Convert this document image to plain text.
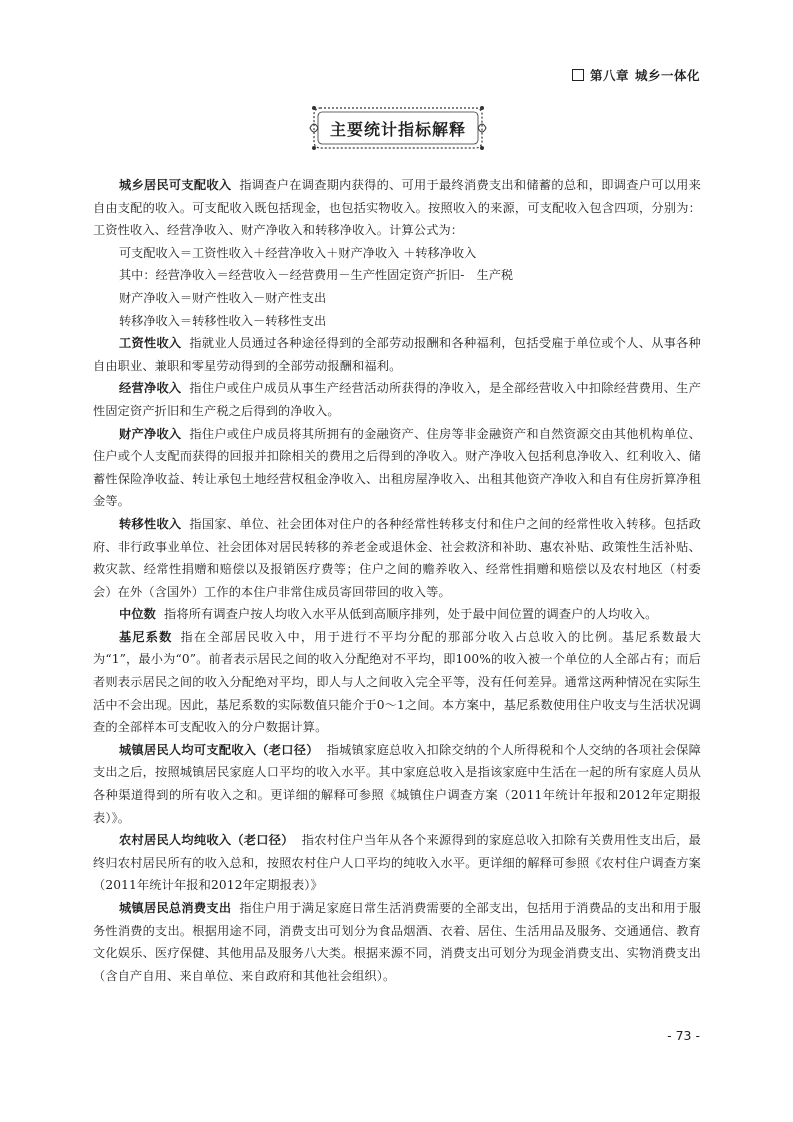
第八章 城乡一体化
主要统计指标解释

城乡居民可支配收入 指调查户在调查期内获得的、可用于最终消费支出和储蓄的总和，即调查户可以用来自由支配的收入。可支配收入既包括现金，也包括实物收入。按照收入的来源，可支配收入包含四项，分别为：工资性收入、经营净收入、财产净收入和转移净收入。计算公式为：

可支配收入＝工资性收入＋经营净收入＋财产净收入 ＋转移净收入

其中：经营净收入＝经营收入－经营费用－生产性固定资产折旧-　生产税

财产净收入＝财产性收入－财产性支出

转移净收入＝转移性收入－转移性支出

工资性收入 指就业人员通过各种途径得到的全部劳动报酬和各种福利，包括受雇于单位或个人、从事各种自由职业、兼职和零星劳动得到的全部劳动报酬和福利。

经营净收入 指住户或住户成员从事生产经营活动所获得的净收入，是全部经营收入中扣除经营费用、生产性固定资产折旧和生产税之后得到的净收入。

财产净收入 指住户或住户成员将其所拥有的金融资产、住房等非金融资产和自然资源交由其他机构单位、住户或个人支配而获得的回报并扣除相关的费用之后得到的净收入。财产净收入包括利息净收入、红利收入、储蓄性保险净收益、转让承包土地经营权租金净收入、出租房屋净收入、出租其他资产净收入和自有住房折算净租金等。

转移性收入 指国家、单位、社会团体对住户的各种经常性转移支付和住户之间的经常性收入转移。包括政府、非行政事业单位、社会团体对居民转移的养老金或退休金、社会救济和补助、惠农补贴、政策性生活补贴、救灾款、经常性捐赠和赔偿以及报销医疗费等；住户之间的赡养收入、经常性捐赠和赔偿以及农村地区（村委会）在外（含国外）工作的本住户非常住成员寄回带回的收入等。

中位数 指将所有调查户按人均收入水平从低到高顺序排列，处于最中间位置的调查户的人均收入。

基尼系数 指在全部居民收入中，用于进行不平均分配的那部分收入占总收入的比例。基尼系数最大为“1”，最小为“0”。前者表示居民之间的收入分配绝对不平均，即100%的收入被一个单位的人全部占有；而后者则表示居民之间的收入分配绝对平均，即人与人之间收入完全平等，没有任何差异。通常这两种情况在实际生活中不会出现。因此，基尼系数的实际数值只能介于0～1之间。本方案中，基尼系数使用住户收支与生活状况调查的全部样本可支配收入的分户数据计算。

城镇居民人均可支配收入（老口径） 指城镇家庭总收入扣除交纳的个人所得税和个人交纳的各项社会保障支出之后，按照城镇居民家庭人口平均的收入水平。其中家庭总收入是指该家庭中生活在一起的所有家庭人员从各种渠道得到的所有收入之和。更详细的解释可参照《城镇住户调查方案（2011年统计年报和2012年定期报表）》。

农村居民人均纯收入（老口径） 指农村住户当年从各个来源得到的家庭总收入扣除有关费用性支出后，最终归农村居民所有的收入总和，按照农村住户人口平均的纯收入水平。更详细的解释可参照《农村住户调查方案（2011年统计年报和2012年定期报表）》

城镇居民总消费支出 指住户用于满足家庭日常生活消费需要的全部支出，包括用于消费品的支出和用于服务性消费的支出。根据用途不同，消费支出可划分为食品烟酒、衣着、居住、生活用品及服务、交通通信、教育文化娱乐、医疗保健、其他用品及服务八大类。根据来源不同，消费支出可划分为现金消费支出、实物消费支出（含自产自用、来自单位、来自政府和其他社会组织）。

- 73 -
